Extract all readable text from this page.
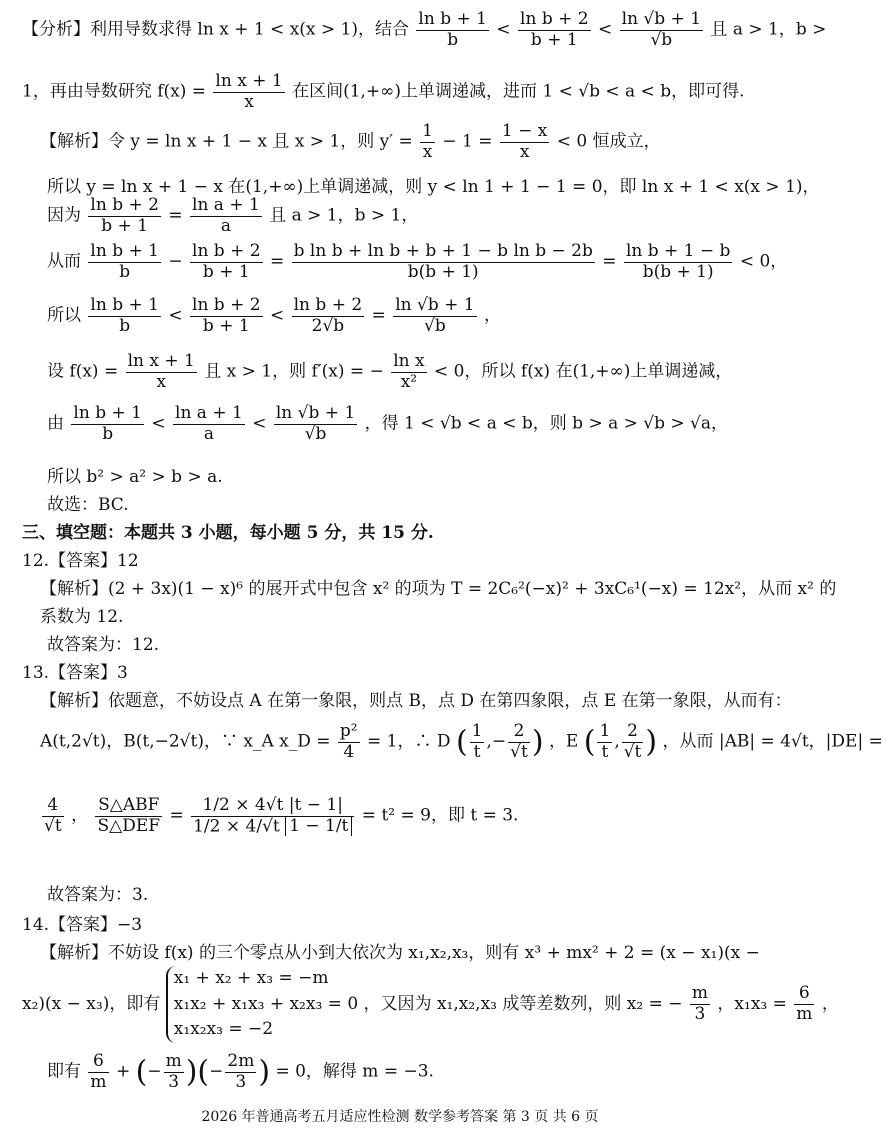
【分析】利用导数求得 ln x + 1 < x(x > 1)，结合 $\frac{\text{ln b + 1}}{b} < \frac{\text{ln b + 2}}{b + 1} < \frac{\ln √b + 1}{√b}$ 且 a > 1，b >
1，再由导数研究 $f(x) = \frac{\text{ln x + 1}}{x}$ 在区间(1,+∞)上单调递减，进而 1 < √b < a < b，即可得.
【解析】令 y = ln x + 1 − x 且 x > 1，则 $y' = \frac{1}{x} - 1 = \frac{1 - x}{x} < 0$ 恒成立，
所以 y = ln x + 1 − x 在(1,+∞)上单调递减，则 y < ln 1 + 1 − 1 = 0，即 ln x + 1 < x(x > 1)，
因为 $\frac{\text{ln b + 2}}{b + 1} = \frac{\text{ln a + 1}}{a}$ 且 a > 1，b > 1，
从而 $\frac{\text{ln b + 1}}{b} - \frac{\text{ln b + 2}}{b + 1} = \frac{\text{b ln b + ln b + b + 1 − b ln b − 2b}}{b(b + 1)} = \frac{\text{ln b + 1 − b}}{b(b + 1)} < 0$，
所以 $\frac{\text{ln b + 1}}{b} < \frac{\text{ln b + 2}}{b + 1} < \frac{\text{ln b + 2}}{2√b} = \frac{\ln √b + 1}{√b}$ ，
设 $f(x) = \frac{\text{ln x + 1}}{x}$ 且 x > 1，则 f′(x) = − $\frac{\text{ln x}}{\text{x²}} < 0$，所以 f(x) 在(1,+∞)上单调递减，
由 $\frac{\text{ln b + 1}}{b} < \frac{\text{ln a + 1}}{a} < \frac{\ln √b + 1}{√b}$ ，得 1 < √b < a < b，则 b > a > √b > √a，
所以 b² > a² > b > a.
故选：BC.
三、填空题：本题共 3 小题，每小题 5 分，共 15 分.
12.【答案】12
【解析】(2 + 3x)(1 − x)⁶ 的展开式中包含 x² 的项为 T = 2C₆²(−x)² + 3xC₆¹(−x) = 12x²，从而 x² 的
系数为 12.
故答案为：12.
13.【答案】3
【解析】依题意，不妨设点 A 在第一象限，则点 B，点 D 在第四象限，点 E 在第一象限，从而有：
A(t,2√t)，B(t,−2√t)，∵ x_A x_D = $\frac{\text{p²}}{4} = 1$，∴ D ( $\frac{1}{t}$ ,− $\frac{2}{√t}$ ) ，E ( $\frac{1}{t}$ , $\frac{2}{√t}$ ) ，从而 |AB| = 4√t，|DE| =
$\frac{4}{√t}$ ， $\frac{\text{S△ABF}}{\text{S△DEF}} = \frac{1/2 \times 4√t |t - 1|}{1/2 \times 4/√t 1 - 1/t} = t^2 = 9$，即 t = 3.
故答案为：3.
14.【答案】−3
【解析】不妨设 f(x) 的三个零点从小到大依次为 x₁,x₂,x₃，则有 x³ + mx² + 2 = (x − x₁)(x −
x₂)(x − x₃)，即有
x₁ + x₂ + x₃ = −m
x₁x₂ + x₁x₃ + x₂x₃ = 0
x₁x₂x₃ = −2
，又因为 x₁,x₂,x₃ 成等差数列，则 x₂ = − $\frac{m}{3}$ ，$x_1x_3 = \frac{6}{m}$ ，
即有 $\frac{6}{m}$ + (− $\frac{m}{3}$ )(− $\frac{2m}{3}$ ) = 0，解得 m = −3.
2026 年普通高考五月适应性检测 数学参考答案 第 3 页 共 6 页
